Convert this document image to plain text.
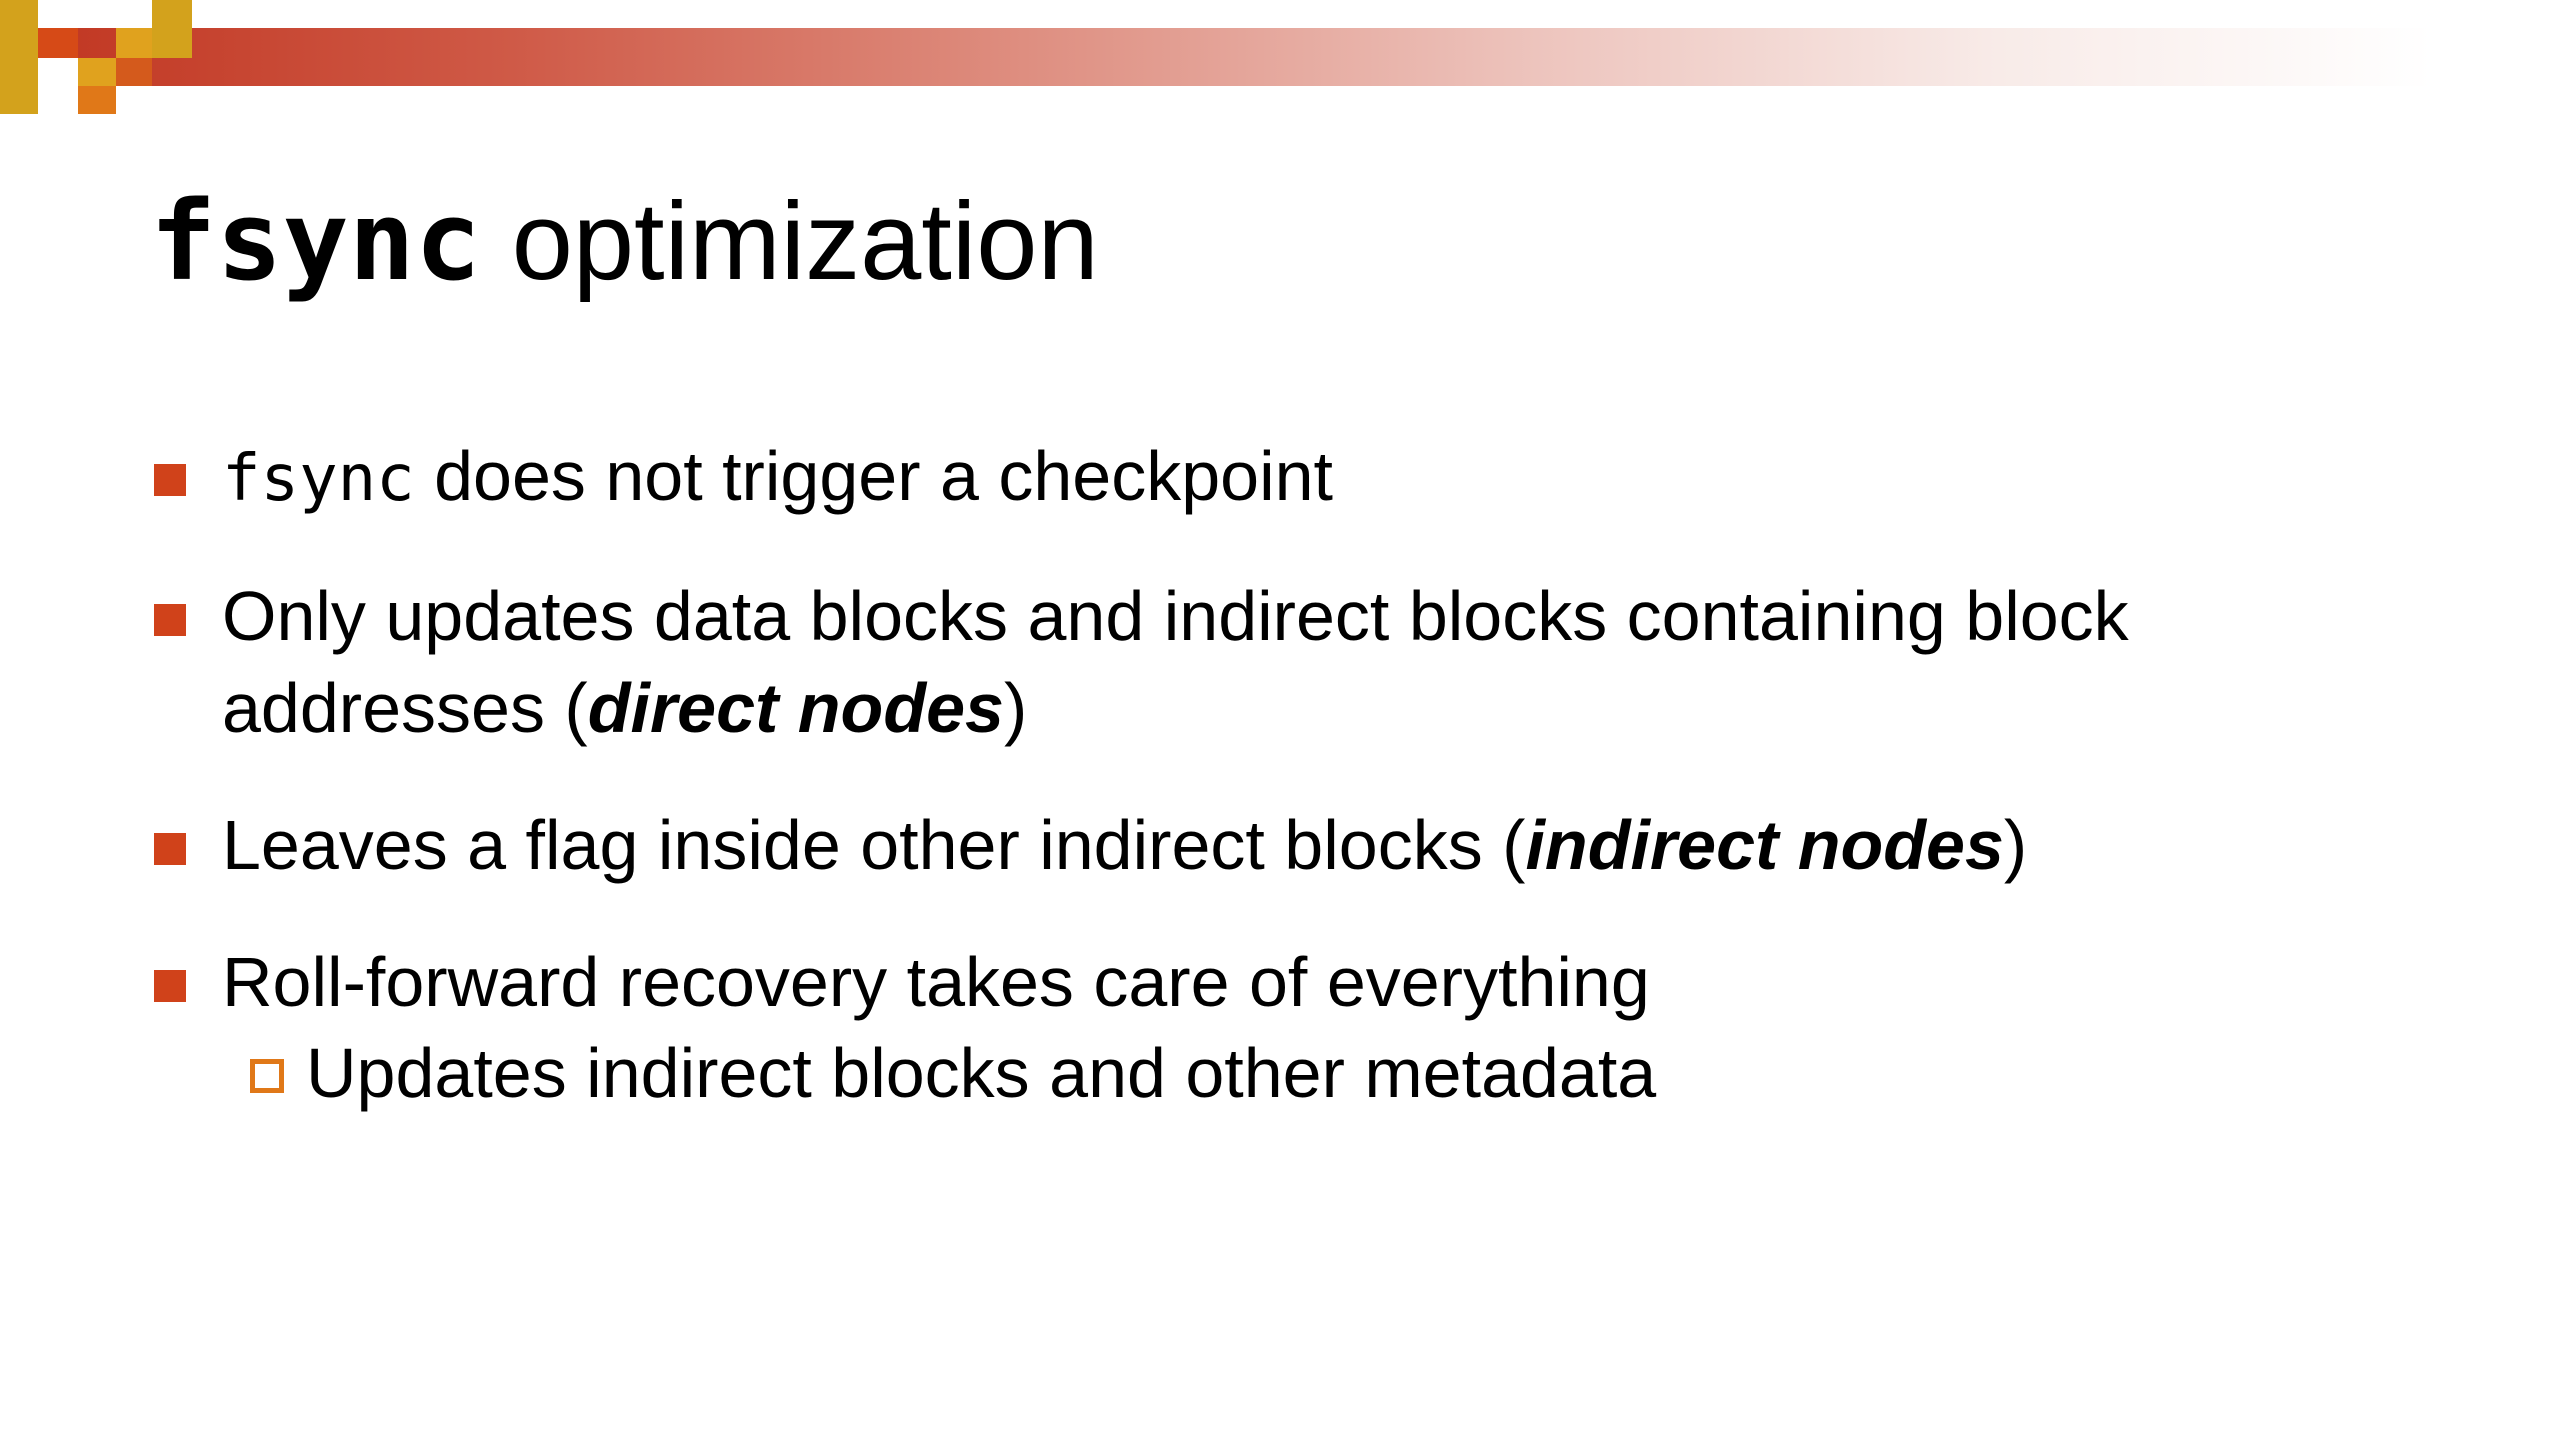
fsync optimization
fsync does not trigger a checkpoint
Only updates data blocks and indirect blocks containing block addresses (direct nodes)
Leaves a flag inside other indirect blocks (indirect nodes)
Roll-forward recovery takes care of everything
Updates indirect blocks and other metadata
